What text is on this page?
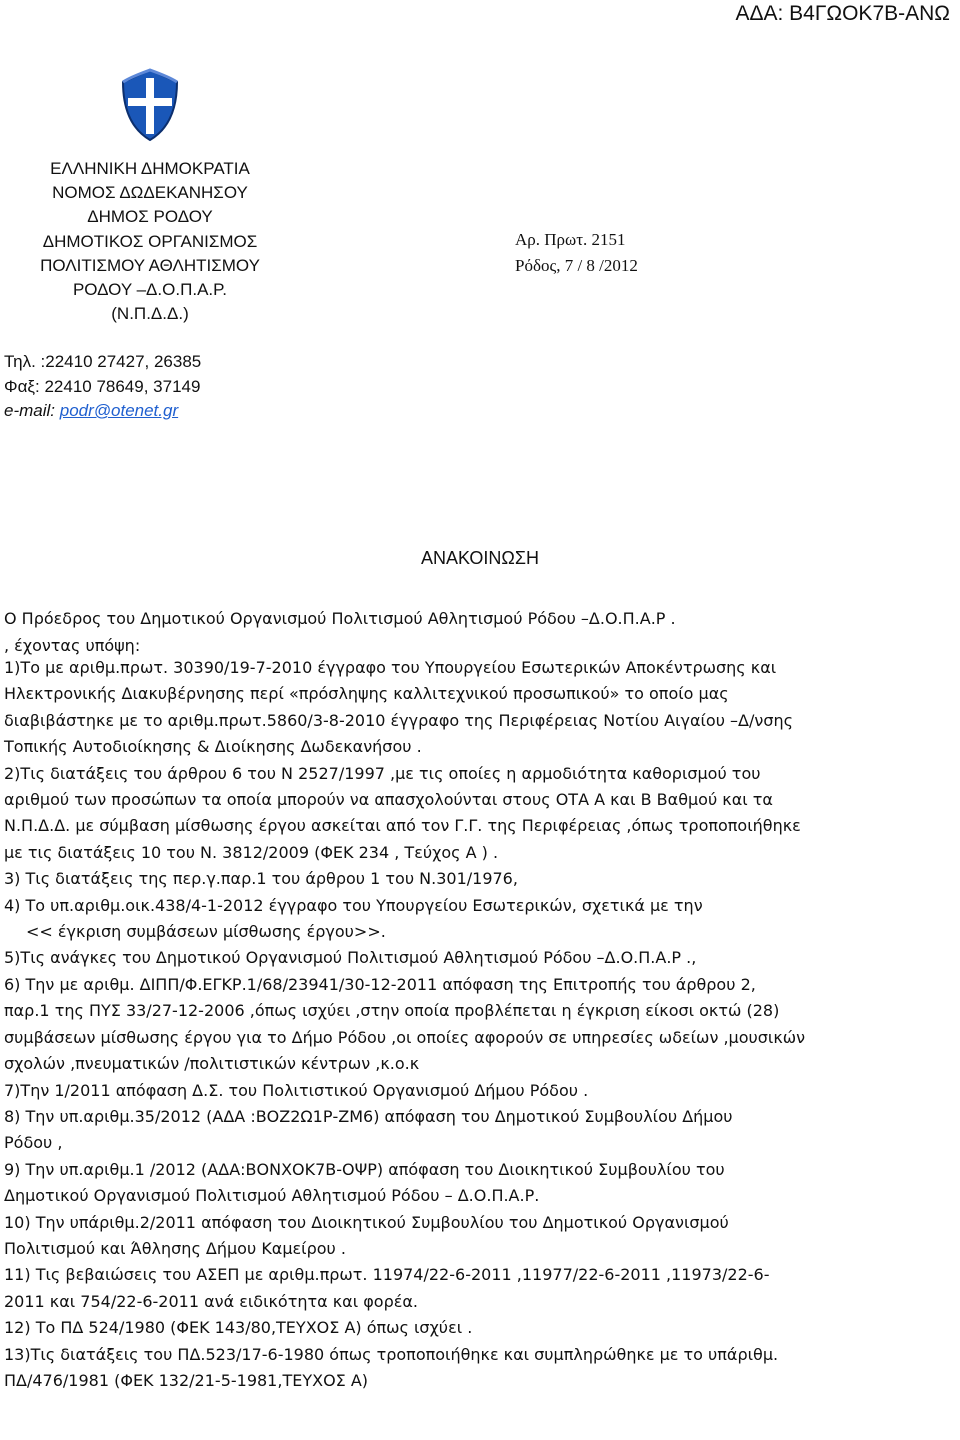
ΑΔΑ: Β4ΓΩΟΚ7Β-ΑΝΩ
ΕΛΛΗΝΙΚΗ ΔΗΜΟΚΡΑΤΙΑ
ΝΟΜΟΣ ΔΩΔΕΚΑΝΗΣΟΥ
ΔΗΜΟΣ ΡΟΔΟΥ
ΔΗΜΟΤΙΚΟΣ ΟΡΓΑΝΙΣΜΟΣ
ΠΟΛΙΤΙΣΜΟΥ ΑΘΛΗΤΙΣΜΟΥ
ΡΟΔΟΥ –Δ.Ο.Π.Α.Ρ.
(Ν.Π.Δ.Δ.)
Αρ. Πρωτ. 2151
Ρόδος, 7 / 8 /2012
Τηλ. :22410 27427, 26385
Φαξ: 22410 78649, 37149
e-mail: podr@otenet.gr
ΑΝΑΚΟΙΝΩΣΗ
Ο Πρόεδρος του Δημοτικού Οργανισμού Πολιτισμού Αθλητισμού Ρόδου –Δ.Ο.Π.Α.Ρ .
, έχοντας υπόψη:

1)Το με αριθμ.πρωτ. 30390/19-7-2010 έγγραφο του Υπουργείου Εσωτερικών Αποκέντρωσης και

Ηλεκτρονικής Διακυβέρνησης περί «πρόσληψης καλλιτεχνικού προσωπικού» το οποίο μας

διαβιβάστηκε με το αριθμ.πρωτ.5860/3-8-2010 έγγραφο της Περιφέρειας Νοτίου Αιγαίου –Δ/νσης

Τοπικής Αυτοδιοίκησης & Διοίκησης Δωδεκανήσου .

2)Τις διατάξεις του άρθρου 6 του Ν 2527/1997 ,με τις οποίες η αρμοδιότητα καθορισμού του

αριθμού των προσώπων τα οποία μπορούν να απασχολούνται στους ΟΤΑ Α και Β Βαθμού και τα

Ν.Π.Δ.Δ. με σύμβαση μίσθωσης έργου ασκείται από τον Γ.Γ. της Περιφέρειας ,όπως τροποποιήθηκε

με τις διατάξεις 10 του Ν. 3812/2009 (ΦΕΚ 234 , Τεύχος Α ) .

3) Τις διατάξεις της περ.γ.παρ.1 του άρθρου 1 του Ν.301/1976,

4) Το υπ.αριθμ.οικ.438/4-1-2012 έγγραφο του Υπουργείου Εσωτερικών, σχετικά με την

<< έγκριση συμβάσεων μίσθωσης έργου>>.

5)Τις ανάγκες του Δημοτικού Οργανισμού Πολιτισμού Αθλητισμού Ρόδου –Δ.Ο.Π.Α.Ρ .,

6) Την με αριθμ. ΔΙΠΠ/Φ.ΕΓΚΡ.1/68/23941/30-12-2011 απόφαση της Επιτροπής του άρθρου 2,

παρ.1 της ΠΥΣ 33/27-12-2006 ,όπως ισχύει ,στην οποία προβλέπεται η έγκριση είκοσι οκτώ (28)

συμβάσεων μίσθωσης έργου για το Δήμο Ρόδου ,οι οποίες αφορούν σε υπηρεσίες ωδείων ,μουσικών

σχολών ,πνευματικών /πολιτιστικών κέντρων ,κ.ο.κ

7)Την 1/2011 απόφαση Δ.Σ. του Πολιτιστικού Οργανισμού Δήμου Ρόδου .

8) Την υπ.αριθμ.35/2012 (ΑΔΑ :ΒΟΖ2Ω1Ρ-ΖΜ6) απόφαση του Δημοτικού Συμβουλίου Δήμου

Ρόδου ,

9) Την υπ.αριθμ.1 /2012 (ΑΔΑ:ΒΟΝΧΟΚ7Β-ΟΨΡ) απόφαση του Διοικητικού Συμβουλίου του

Δημοτικού Οργανισμού Πολιτισμού Αθλητισμού Ρόδου – Δ.Ο.Π.Α.Ρ.

10) Την υπάριθμ.2/2011 απόφαση του Διοικητικού Συμβουλίου του Δημοτικού Οργανισμού

Πολιτισμού και Άθλησης Δήμου Καμείρου .

11) Τις βεβαιώσεις του ΑΣΕΠ με αριθμ.πρωτ. 11974/22-6-2011 ,11977/22-6-2011 ,11973/22-6-

2011 και 754/22-6-2011 ανά ειδικότητα και φορέα.

12) Το ΠΔ 524/1980 (ΦΕΚ 143/80,ΤΕΥΧΟΣ Α) όπως ισχύει .

13)Τις διατάξεις του ΠΔ.523/17-6-1980 όπως τροποποιήθηκε και συμπληρώθηκε με το υπάριθμ.

ΠΔ/476/1981 (ΦΕΚ 132/21-5-1981,ΤΕΥΧΟΣ Α)
